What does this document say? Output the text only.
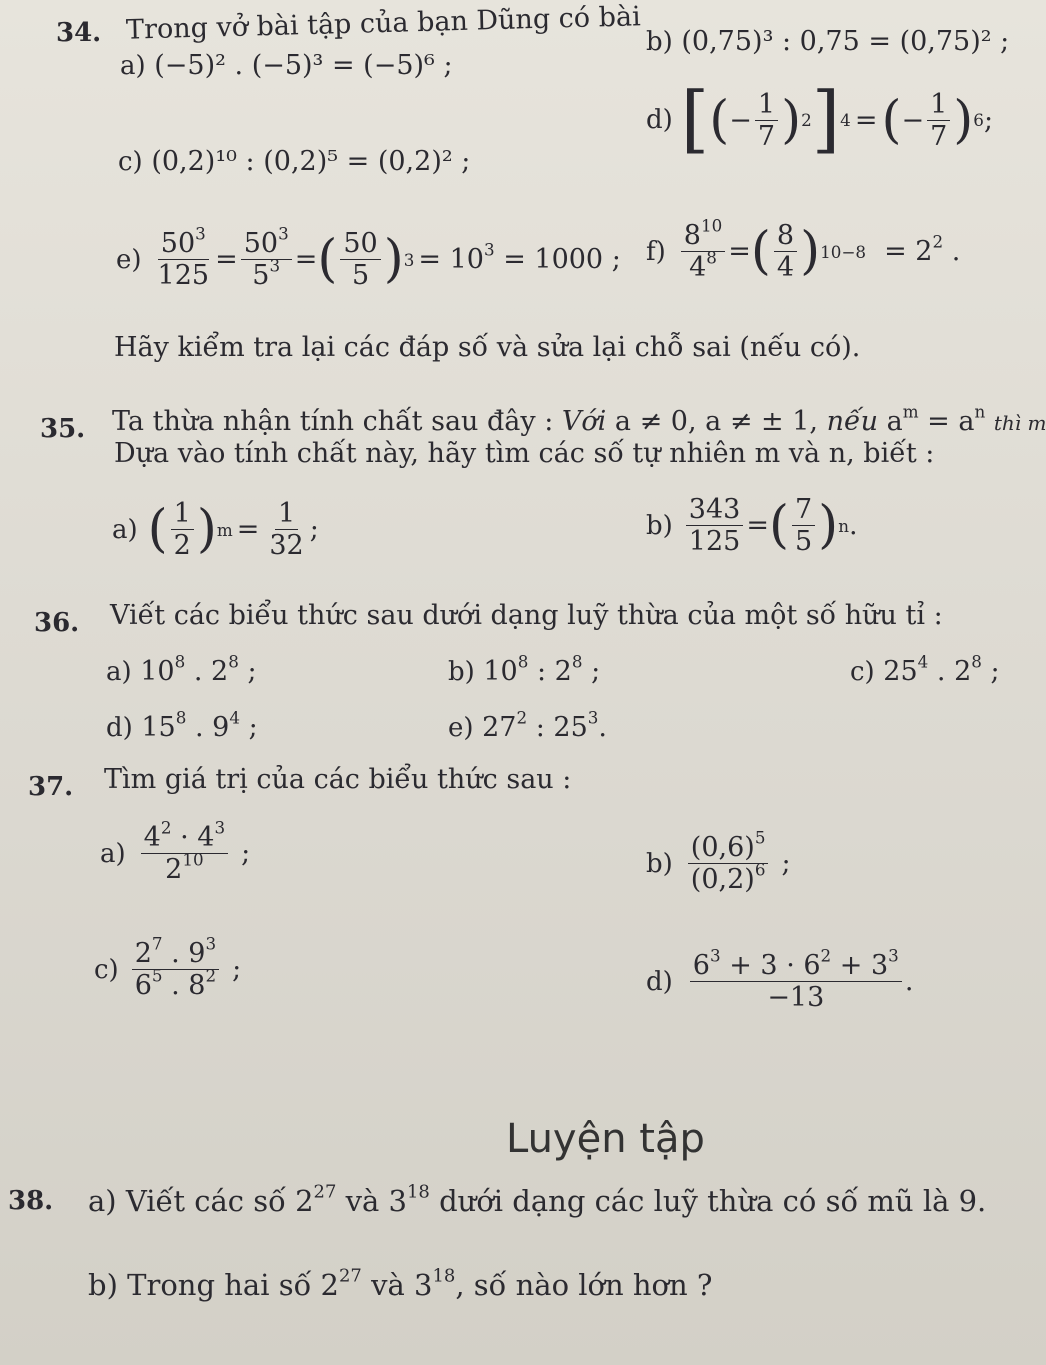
34. Trong vở bài tập của bạn Dũng có bài
a) (−5)² . (−5)³ = (−5)⁶ ;
b) (0,75)³ : 0,75 = (0,75)² ;
c) (0,2)¹⁰ : (0,2)⁵ = (0,2)² ;
d) [ ( − $\frac{1}{7}$ ) 2 ] 4 = ( − $\frac{1}{7}$ ) 6 ;
$e) \frac{50^3}{125} = \frac{50^3}{5^3}$ = ( $\frac{50}{5}$ ) $3 = 10^3 = 1000$ ; $f) \frac{8^{10}}{4^8}$ = ( $\frac{8}{4}$ ) $10-8 = 2^2$ .
Hãy kiểm tra lại các đáp số và sửa lại chỗ sai (nếu có).
35. Ta thừa nhận tính chất sau đây : Với a ≠ 0, a ≠ ± 1, nếu $a^m = a^n$ thì m
Dựa vào tính chất này, hãy tìm các số tự nhiên m và n, biết :
a) ( $\frac{1}{2}$ ) $m = \frac{1}{32}$ ;	$b) \frac{343}{125}$ = ( $\frac{7}{5}$ ) n .
36. Viết các biểu thức sau dưới dạng luỹ thừa của một số hữu tỉ :
a) $10^8$ . $2^8$ ;	b) $10^8$ : $2^8$ ;	c) $25^4$ . $2^8$ ;
d) $15^8$ . $9^4$ ;	e) $27^2$ : $25^3$.
37. Tìm giá trị của các biểu thức sau :
$a) \frac{4^2 \cdot 4^3}{2^{10}}$ ;	$b) \frac{(0,6)^5}{(0,2)^6}$ ;
$c) \frac{2^7 . 9^3}{6^5 . 8^2}$ ;	$d) \frac{6^3 + 3 \cdot 6^2 + 3^3}{-13}$ .
Luyện tập
38. a) Viết các số $2^{27}$ và $3^{18}$ dưới dạng các luỹ thừa có số mũ là 9.
b) Trong hai số $2^{27}$ và $3^{18}$, số nào lớn hơn ?
